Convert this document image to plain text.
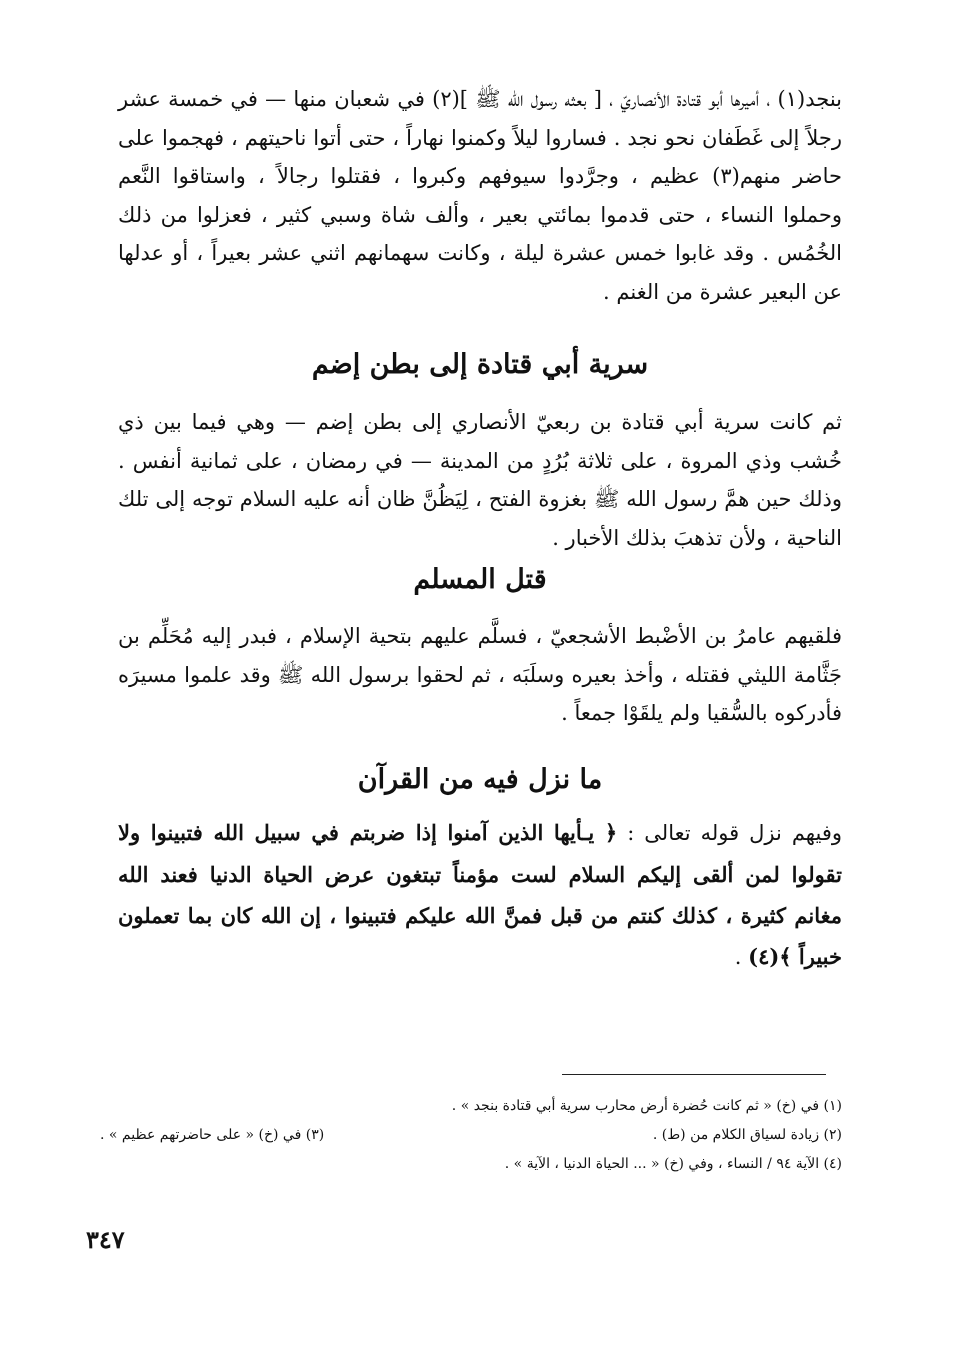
بنجد(١) ، أميرها أبو قتادة الأنصاريّ ، [ بعثه رسول الله ﷺ ](٢) في شعبان منها — في خمسة عشر رجلاً إلى غَطَفان نحو نجد . فساروا ليلاً وكمنوا نهاراً ، حتى أتوا ناحيتهم ، فهجموا على حاضر منهم(٣) عظيم ، وجرَّدوا سيوفهم وكبروا ، فقتلوا رجالاً ، واستاقوا النَّعم وحملوا النساء ، حتى قدموا بمائتي بعير ، وألف شاة وسبي كثير ، فعزلوا من ذلك الخُمُس . وقد غابوا خمس عشرة ليلة ، وكانت سهمانهم اثني عشر بعيراً ، أو عدلها عن البعير عشرة من الغنم .

سرية أبي قتادة إلى بطن إضم

ثم كانت سرية أبي قتادة بن ربعيّ الأنصاري إلى بطن إضم — وهي فيما بين ذي خُشب وذي المروة ، على ثلاثة بُرُدٍ من المدينة — في رمضان ، على ثمانية أنفس . وذلك حين همَّ رسول الله ﷺ بغزوة الفتح ، لِيَظُنَّ ظان أنه عليه السلام توجه إلى تلك الناحية ، ولأن تذهبَ بذلك الأخبار .

قتل المسلم

فلقيهم عامرُ بن الأضْبط الأشجعيّ ، فسلَّم عليهم بتحية الإسلام ، فبدر إليه مُحَلِّم بن جَثَّامة الليثي فقتله ، وأخذ بعيره وسلَبَه ، ثم لحقوا برسول الله ﷺ وقد علموا مسيرَه فأدركوه بالسُّقيا ولم يلقَوْا جمعاً .

ما نزل فيه من القرآن

وفيهم نزل قوله تعالى : ﴿ يـأيها الذين آمنوا إذا ضربتم في سبيل الله فتبينوا ولا تقولوا لمن ألقى إليكم السلام لست مؤمناً تبتغون عرض الحياة الدنيا فعند الله مغانم كثيرة ، كذلك كنتم من قبل فمنَّ الله عليكم فتبينوا ، إن الله كان بما تعملون خبيراً ﴾(٤) .

(١) في (خ) « ثم كانت حُضرة أرض محارب سرية أبي قتادة بنجد » .
(٢) زيادة لسياق الكلام من (ط) .
(٣) في (خ) « على حاضرتهم عظيم » .
(٤) الآية ٩٤ / النساء ، وفي (خ) « ... الحياة الدنيا ، الآية » .
٣٤٧
